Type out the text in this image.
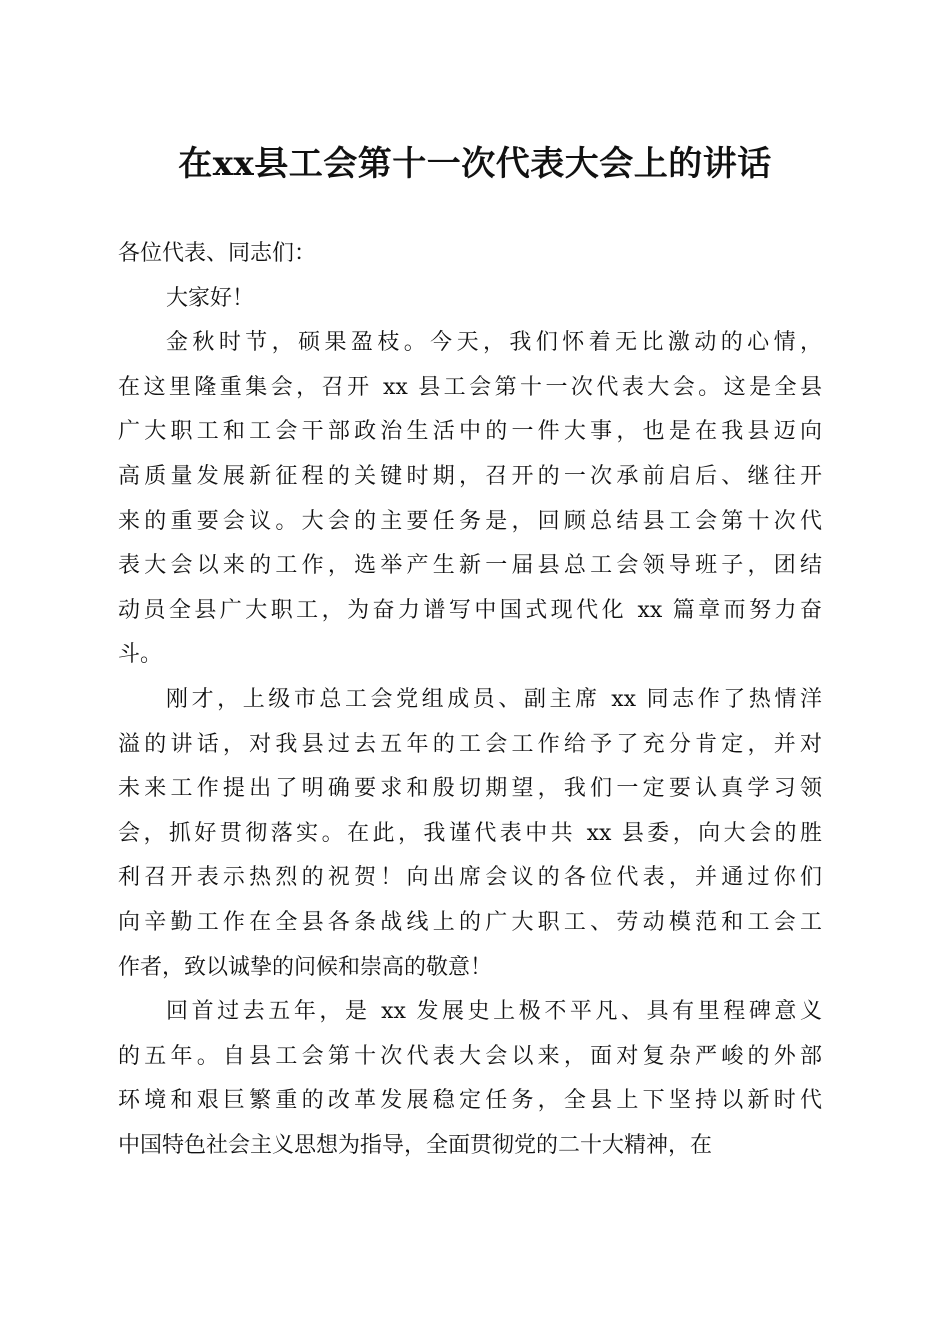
在xx县工会第十一次代表大会上的讲话
各位代表、同志们：
大家好！
金秋时节，硕果盈枝。今天，我们怀着无比激动的心情，
在这里隆重集会，召开 xx 县工会第十一次代表大会。这是全县
广大职工和工会干部政治生活中的一件大事，也是在我县迈向
高质量发展新征程的关键时期，召开的一次承前启后、继往开
来的重要会议。大会的主要任务是，回顾总结县工会第十次代
表大会以来的工作，选举产生新一届县总工会领导班子，团结
动员全县广大职工，为奋力谱写中国式现代化 xx 篇章而努力奋
斗。
刚才，上级市总工会党组成员、副主席 xx 同志作了热情洋
溢的讲话，对我县过去五年的工会工作给予了充分肯定，并对
未来工作提出了明确要求和殷切期望，我们一定要认真学习领
会，抓好贯彻落实。在此，我谨代表中共 xx 县委，向大会的胜
利召开表示热烈的祝贺！向出席会议的各位代表，并通过你们
向辛勤工作在全县各条战线上的广大职工、劳动模范和工会工
作者，致以诚挚的问候和崇高的敬意！
回首过去五年，是 xx 发展史上极不平凡、具有里程碑意义
的五年。自县工会第十次代表大会以来，面对复杂严峻的外部
环境和艰巨繁重的改革发展稳定任务，全县上下坚持以新时代
中国特色社会主义思想为指导，全面贯彻党的二十大精神，在
